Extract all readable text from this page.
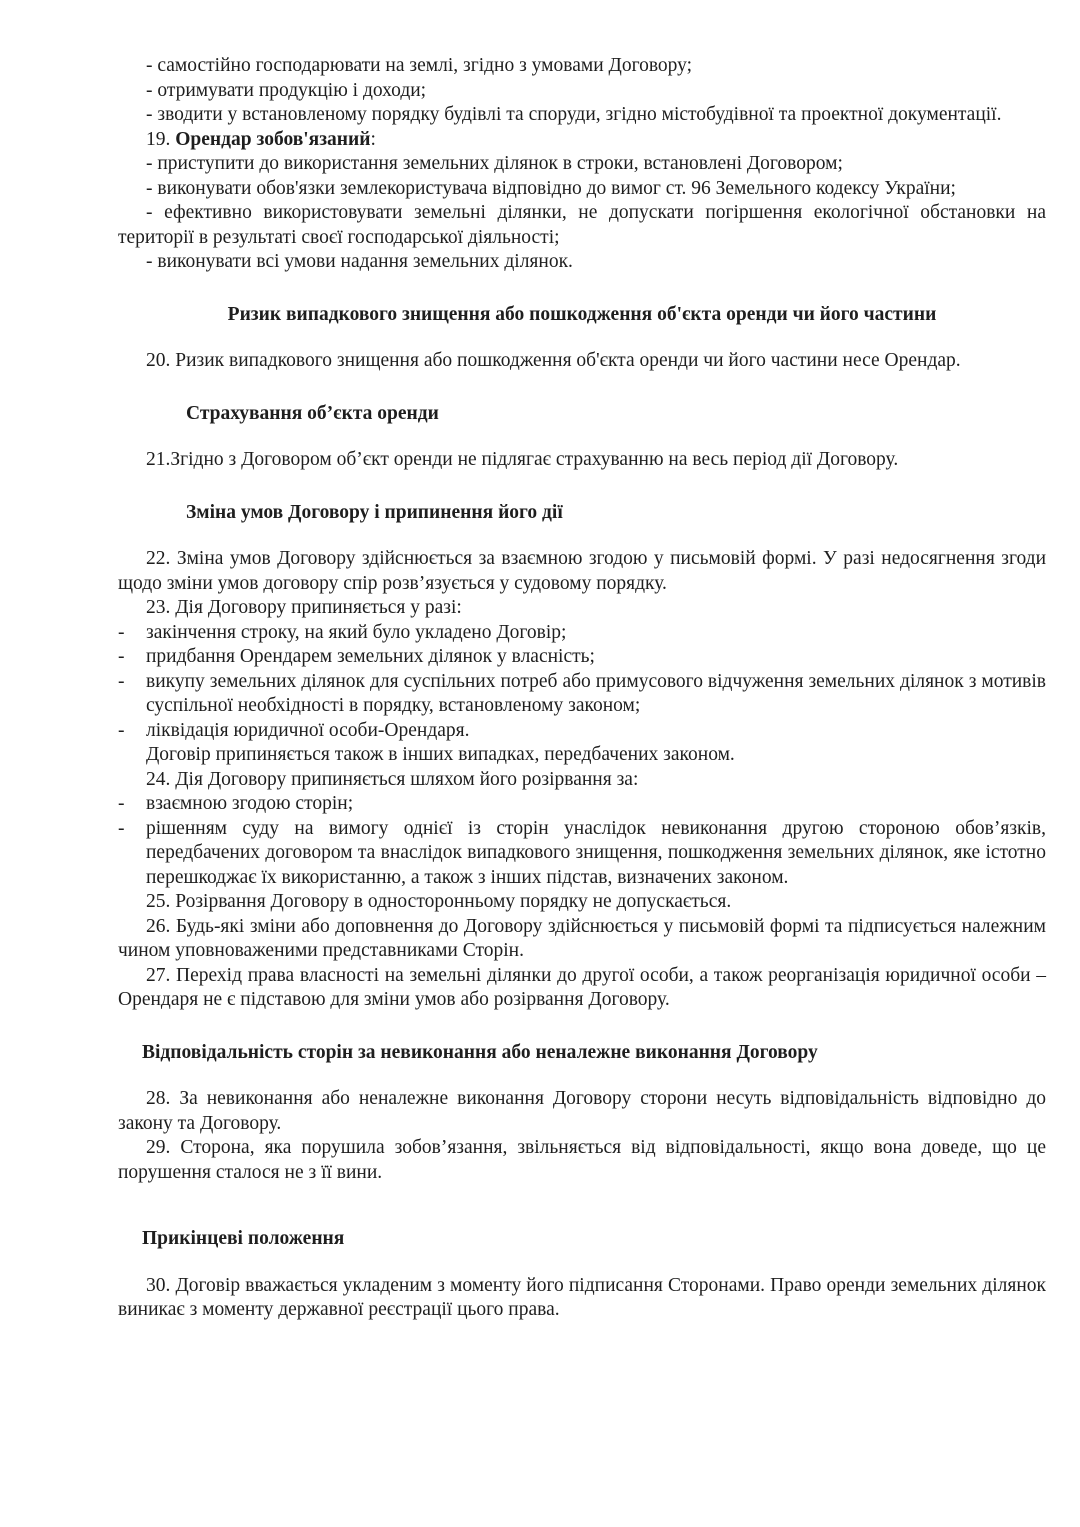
- самостійно господарювати на землі, згідно з умовами Договору;

- отримувати продукцію і доходи;

- зводити у встановленому порядку будівлі та споруди, згідно містобудівної та проектної документації.

19. Орендар зобов'язаний:

- приступити до використання земельних ділянок в строки, встановлені Договором;

- виконувати обов'язки землекористувача відповідно до вимог ст. 96 Земельного кодексу України;

- ефективно використовувати земельні ділянки, не допускати погіршення екологічної обстановки на території в результаті своєї господарської діяльності;

- виконувати всі умови надання земельних ділянок.

Ризик випадкового знищення або пошкодження об'єкта оренди чи його частини

20. Ризик випадкового знищення або пошкодження об'єкта оренди чи його частини несе Орендар.

Страхування об’єкта оренди

21.Згідно з Договором об’єкт оренди не підлягає страхуванню на весь період дії Договору.

Зміна умов Договору і припинення його дії

22. Зміна умов Договору здійснюється за взаємною згодою у письмовій формі. У разі недосягнення згоди щодо зміни умов договору спір розв’язується у судовому порядку.

23. Дія Договору припиняється у разі:

-	закінчення строку, на який було укладено Договір;
-	придбання Орендарем земельних ділянок у власність;
-	викупу земельних ділянок для суспільних потреб або примусового відчуження земельних ділянок з мотивів суспільної необхідності в порядку, встановленому законом;
-	ліквідація юридичної особи-Орендаря.

Договір припиняється також в інших випадках, передбачених законом.

24. Дія Договору припиняється шляхом його розірвання за:

-	взаємною згодою сторін;
-	рішенням суду на вимогу однієї із сторін унаслідок невиконання другою стороною обов’язків, передбачених договором та внаслідок випадкового знищення, пошкодження земельних ділянок, яке істотно перешкоджає їх використанню, а також з інших підстав, визначених законом.

25. Розірвання Договору в односторонньому порядку не допускається.

26. Будь-які зміни або доповнення до Договору здійснюється у письмовій формі та підписується належним чином уповноваженими представниками Сторін.

27. Перехід права власності на земельні ділянки до другої особи, а також реорганізація юридичної особи – Орендаря не є підставою для зміни умов або розірвання Договору.

Відповідальність сторін за невиконання або неналежне виконання Договору

28. За невиконання або неналежне виконання Договору сторони несуть відповідальність відповідно до закону та Договору.

29. Сторона, яка порушила зобов’язання, звільняється від відповідальності, якщо вона доведе, що це порушення сталося не з її вини.

Прикінцеві положення

30. Договір вважається укладеним з моменту його підписання Сторонами. Право оренди земельних ділянок виникає з моменту державної реєстрації цього права.
